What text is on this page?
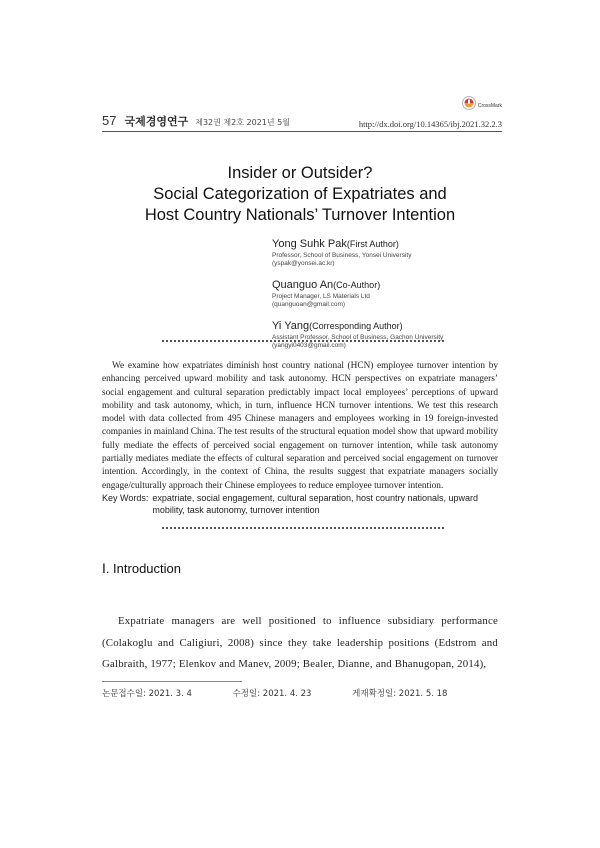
57 국제경영연구 제32권 제2호 2021년 5월	http://dx.doi.org/10.14365/ibj.2021.32.2.3
CrossMark
Insider or Outsider?
Social Categorization of Expatriates and
Host Country Nationals’ Turnover Intention
Yong Suhk Pak(First Author)
Professor, School of Business, Yonsei University
(yspak@yonsei.ac.kr)
Quanguo An(Co-Author)
Project Manager, LS Materials Ltd
(quanguoan@gmail.com)
Yi Yang(Corresponding Author)
Assistant Professor, School of Business, Gachon University
(yangyi0403@gmail.com)

We examine how expatriates diminish host country national (HCN) employee turnover intention by enhancing perceived upward mobility and task autonomy. HCN perspectives on expatriate managers’ social engagement and cultural separation predictably impact local employees’ perceptions of upward mobility and task autonomy, which, in turn, influence HCN turnover intentions. We test this research model with data collected from 495 Chinese managers and employees working in 19 foreign-invested companies in mainland China. The test results of the structural equation model show that upward mobility fully mediate the effects of perceived social engagement on turnover intention, while task autonomy partially mediates mediate the effects of cultural separation and perceived social engagement on turnover intention. Accordingly, in the context of China, the results suggest that expatriate managers socially engage/culturally approach their Chinese employees to reduce employee turnover intention.

Key Words: expatriate, social engagement, cultural separation, host country nationals, upward mobility, task autonomy, turnover intention
Ⅰ. Introduction

Expatriate managers are well positioned to influence subsidiary performance (Colakoglu and Caligiuri, 2008) since they take leadership positions (Edstrom and Galbraith, 1977; Elenkov and Manev, 2009; Bealer, Dianne, and Bhanugopan, 2014),

논문접수일: 2021. 3. 4	수정일: 2021. 4. 23	게재확정일: 2021. 5. 18
